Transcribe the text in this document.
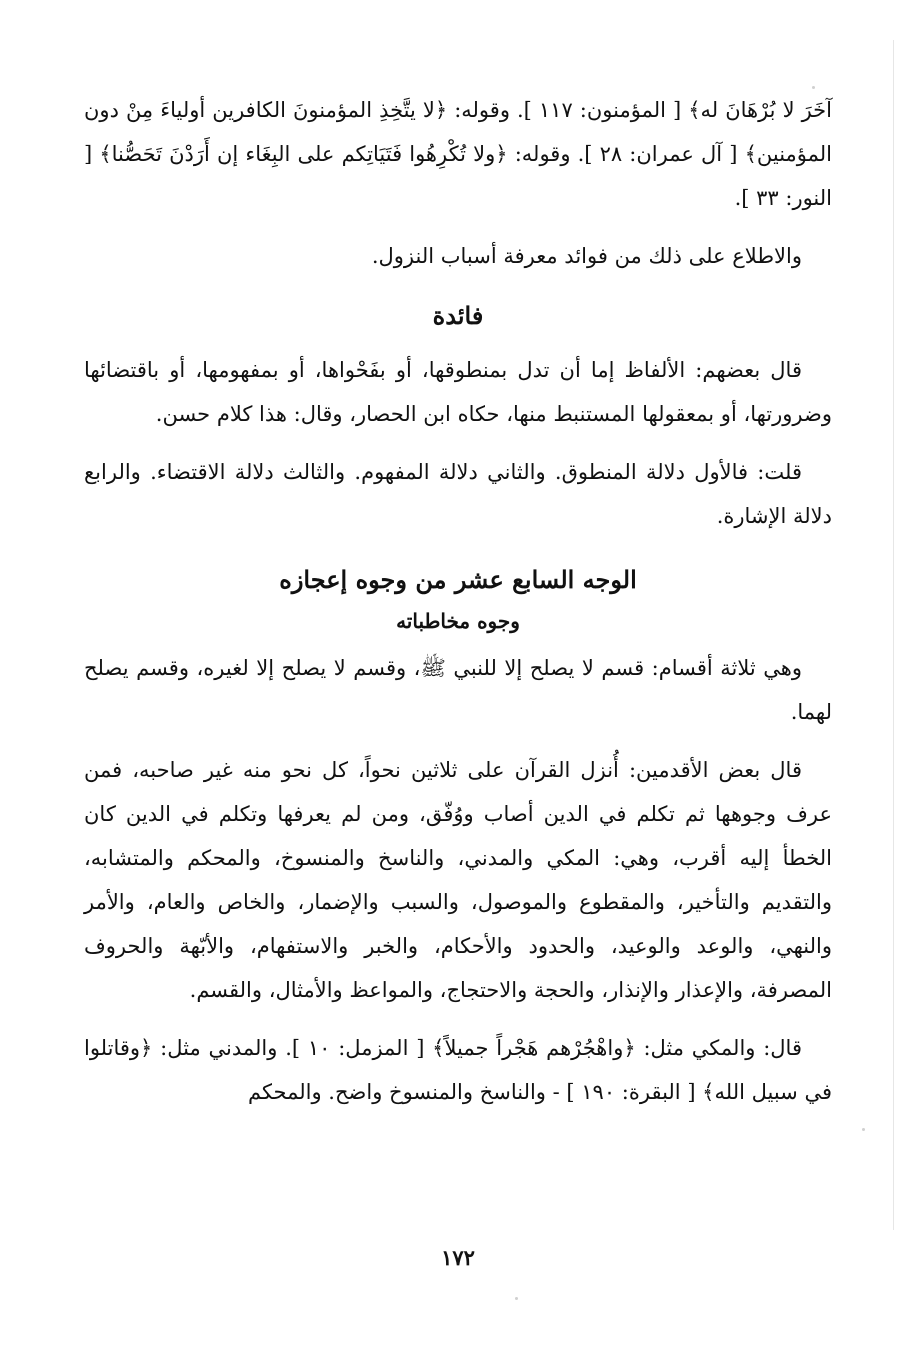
آخَرَ لا بُرْهَانَ له﴾ [ المؤمنون: ١١٧ ]. وقوله: ﴿لا يتَّخِذِ المؤمنونَ الكافرين أولياءَ مِنْ دون المؤمنين﴾ [ آل عمران: ٢٨ ]. وقوله: ﴿ولا تُكْرِهُوا فَتَيَاتِكم على البِغَاء إن أَرَدْنَ تَحَصُّنا﴾ [ النور: ٣٣ ].

والاطلاع على ذلك من فوائد معرفة أسباب النزول.

فائدة

قال بعضهم: الألفاظ إما أن تدل بمنطوقها، أو بفَحْواها، أو بمفهومها، أو باقتضائها وضرورتها، أو بمعقولها المستنبط منها، حكاه ابن الحصار، وقال: هذا كلام حسن.

قلت: فالأول دلالة المنطوق. والثاني دلالة المفهوم. والثالث دلالة الاقتضاء. والرابع دلالة الإشارة.

الوجه السابع عشر من وجوه إعجازه
وجوه مخاطباته

وهي ثلاثة أقسام: قسم لا يصلح إلا للنبي ﷺ، وقسم لا يصلح إلا لغيره، وقسم يصلح لهما.

قال بعض الأقدمين: أُنزل القرآن على ثلاثين نحواً، كل نحو منه غير صاحبه، فمن عرف وجوهها ثم تكلم في الدين أصاب ووُفّق، ومن لم يعرفها وتكلم في الدين كان الخطأ إليه أقرب، وهي: المكي والمدني، والناسخ والمنسوخ، والمحكم والمتشابه، والتقديم والتأخير، والمقطوع والموصول، والسبب والإضمار، والخاص والعام، والأمر والنهي، والوعد والوعيد، والحدود والأحكام، والخبر والاستفهام، والأبّهة والحروف المصرفة، والإعذار والإنذار، والحجة والاحتجاج، والمواعظ والأمثال، والقسم.

قال: والمكي مثل: ﴿واهْجُرْهم هَجْراً جميلاً﴾ [ المزمل: ١٠ ]. والمدني مثل: ﴿وقاتلوا في سبيل الله﴾ [ البقرة: ١٩٠ ] - والناسخ والمنسوخ واضح. والمحكم

١٧٢
